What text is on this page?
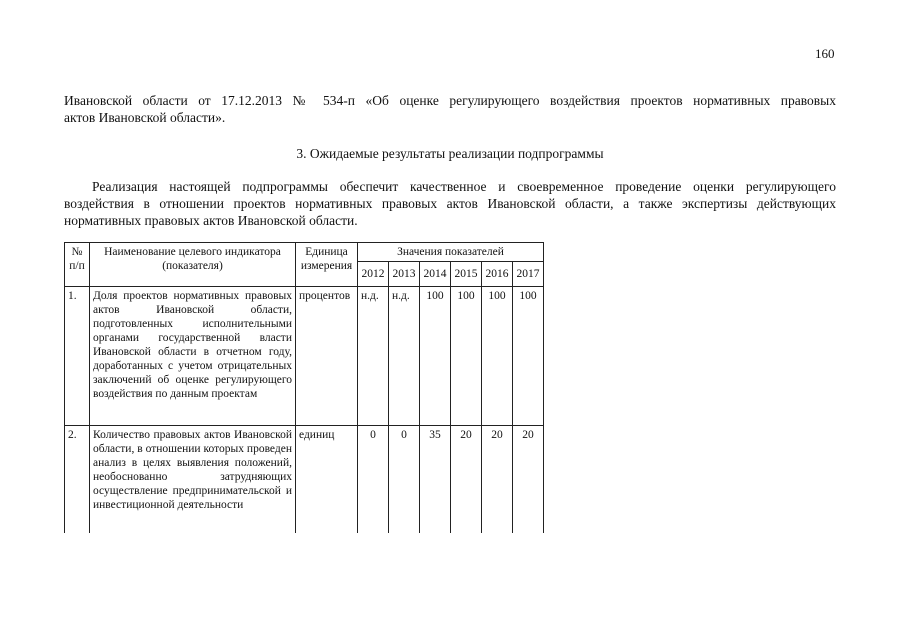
160
Ивановской области от 17.12.2013 № 534-п «Об оценке регулирующего воздействия проектов нормативных правовых
актов Ивановской области».
3. Ожидаемые результаты реализации подпрограммы
Реализация настоящей подпрограммы обеспечит качественное и своевременное проведение оценки регулирующего
воздействия в отношении проектов нормативных правовых актов Ивановской области, а также экспертизы действующих
нормативных правовых актов Ивановской области.
№ п/п	Наименование целевого индикатора (показателя)	Единица измерения	Значения показателей					
			2012	2013	2014	2015	2016	2017
1.	Доля проектов нормативных правовых актов Ивановской области, подготовленных исполнительными органами государственной власти Ивановской области в отчетном году, доработанных с учетом отрицательных заключений об оценке регулирующего воздействия по данным проектам	процентов	н.д.	н.д.	100	100	100	100
2.	Количество правовых актов Ивановской области, в отношении которых проведен анализ в целях выявления положений, необоснованно затрудняющих осуществление предпринимательской и инвестиционной деятельности	единиц	0	0	35	20	20	20
